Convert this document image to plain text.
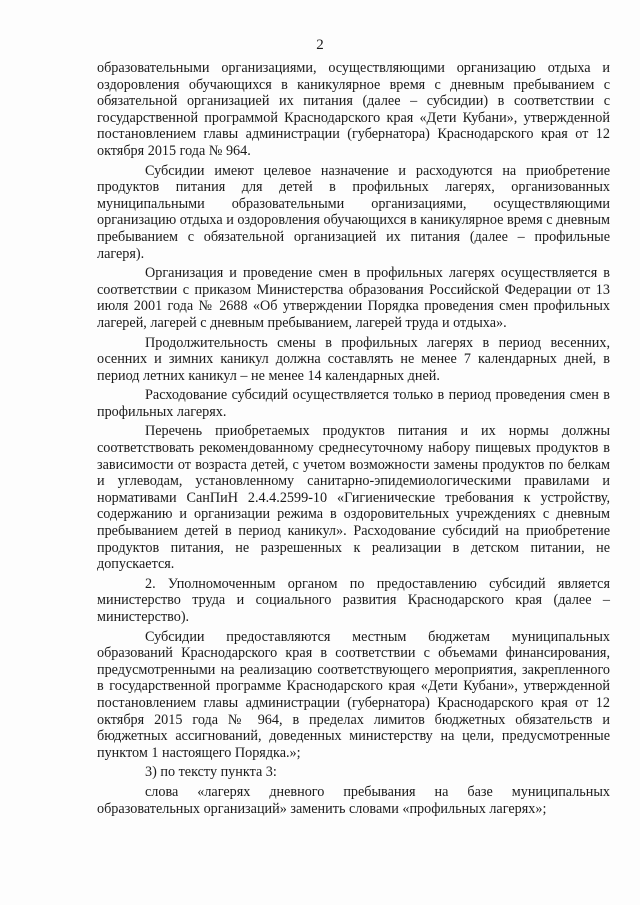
2

образовательными организациями, осуществляющими организацию отдыха и оздоровления обучающихся в каникулярное время с дневным пребыванием с обязательной организацией их питания (далее – субсидии) в соответствии с государственной программой Краснодарского края «Дети Кубани», утвержденной постановлением главы администрации (губернатора) Краснодарского края от 12 октября 2015 года № 964.

Субсидии имеют целевое назначение и расходуются на приобретение продуктов питания для детей в профильных лагерях, организованных муниципальными образовательными организациями, осуществляющими организацию отдыха и оздоровления обучающихся в каникулярное время с дневным пребыванием с обязательной организацией их питания (далее – профильные лагеря).

Организация и проведение смен в профильных лагерях осуществляется в соответствии с приказом Министерства образования Российской Федерации от 13 июля 2001 года № 2688 «Об утверждении Порядка проведения смен профильных лагерей, лагерей с дневным пребыванием, лагерей труда и отдыха».

Продолжительность смены в профильных лагерях в период весенних, осенних и зимних каникул должна составлять не менее 7 календарных дней, в период летних каникул – не менее 14 календарных дней.

Расходование субсидий осуществляется только в период проведения смен в профильных лагерях.

Перечень приобретаемых продуктов питания и их нормы должны соответствовать рекомендованному среднесуточному набору пищевых продуктов в зависимости от возраста детей, с учетом возможности замены продуктов по белкам и углеводам, установленному санитарно-эпидемиологическими правилами и нормативами СанПиН 2.4.4.2599-10 «Гигиенические требования к устройству, содержанию и организации режима в оздоровительных учреждениях с дневным пребыванием детей в период каникул». Расходование субсидий на приобретение продуктов питания, не разрешенных к реализации в детском питании, не допускается.

2. Уполномоченным органом по предоставлению субсидий является министерство труда и социального развития Краснодарского края (далее – министерство).

Субсидии предоставляются местным бюджетам муниципальных образований Краснодарского края в соответствии с объемами финансирования, предусмотренными на реализацию соответствующего мероприятия, закрепленного в государственной программе Краснодарского края «Дети Кубани», утвержденной постановлением главы администрации (губернатора) Краснодарского края от 12 октября 2015 года № 964, в пределах лимитов бюджетных обязательств и бюджетных ассигнований, доведенных министерству на цели, предусмотренные пунктом 1 настоящего Порядка.»;

3) по тексту пункта 3:

слова «лагерях дневного пребывания на базе муниципальных образовательных организаций» заменить словами «профильных лагерях»;
